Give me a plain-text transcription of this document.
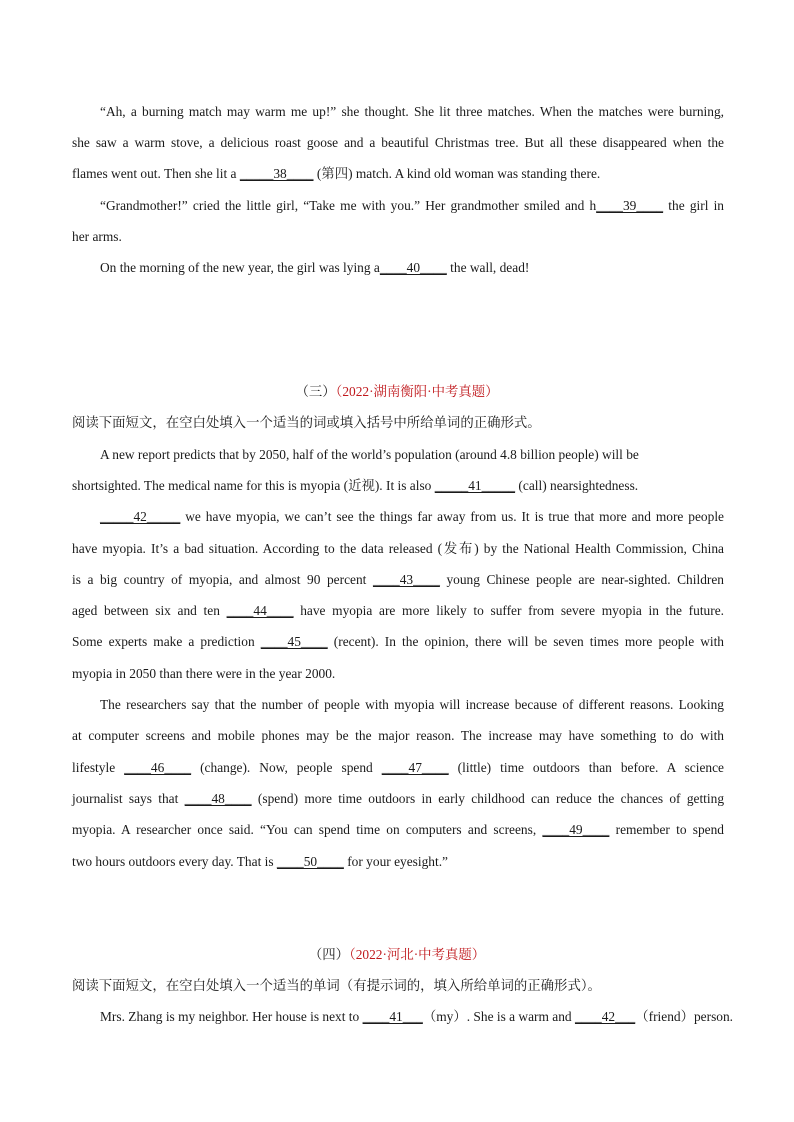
“Ah, a burning match may warm me up!” she thought. She lit three matches. When the matches were burning,
she saw a warm stove, a delicious roast goose and a beautiful Christmas tree. But all these disappeared when the
flames went out. Then she lit a _____38____ (第四) match. A kind old woman was standing there.
“Grandmother!” cried the little girl, “Take me with you.” Her grandmother smiled and h____39____ the girl in
her arms.
On the morning of the new year, the girl was lying a____40____ the wall, dead!
（三）（2022·湖南衡阳·中考真题）
阅读下面短文，在空白处填入一个适当的词或填入括号中所给单词的正确形式。
A new report predicts that by 2050, half of the world’s population (around 4.8 billion people) will be
shortsighted. The medical name for this is myopia (近视). It is also _____41_____ (call) nearsightedness.
_____42_____ we have myopia, we can’t see the things far away from us. It is true that more and more people
have myopia. It’s a bad situation. According to the data released (发布) by the National Health Commission, China
is a big country of myopia, and almost 90 percent ____43____ young Chinese people are near-sighted. Children
aged between six and ten ____44____ have myopia are more likely to suffer from severe myopia in the future.
Some experts make a prediction ____45____ (recent). In the opinion, there will be seven times more people with
myopia in 2050 than there were in the year 2000.
The researchers say that the number of people with myopia will increase because of different reasons. Looking
at computer screens and mobile phones may be the major reason. The increase may have something to do with
lifestyle ____46____ (change). Now, people spend ____47____ (little) time outdoors than before. A science
journalist says that ____48____ (spend) more time outdoors in early childhood can reduce the chances of getting
myopia. A researcher once said. “You can spend time on computers and screens, ____49____ remember to spend
two hours outdoors every day. That is ____50____ for your eyesight.”
（四）（2022·河北·中考真题）
阅读下面短文，在空白处填入一个适当的单词（有提示词的，填入所给单词的正确形式）。
Mrs. Zhang is my neighbor. Her house is next to ____41___（my）. She is a warm and ____42___（friend）person.
